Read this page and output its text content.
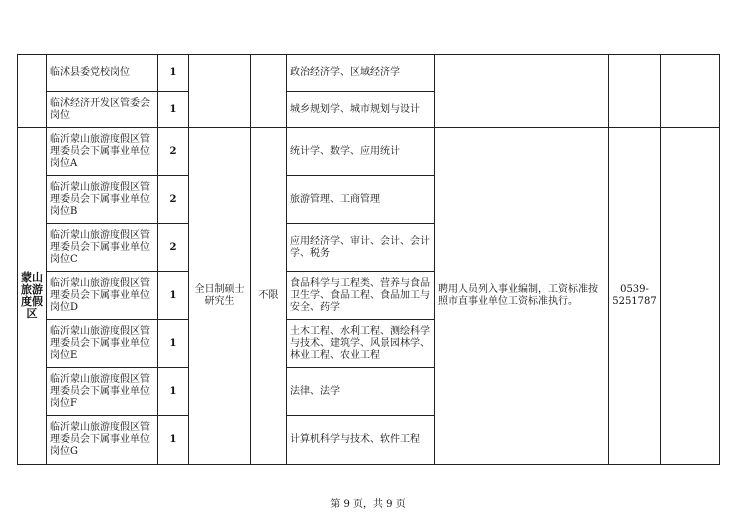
	临沭县委党校岗位	1			政治经济学、区域经济学			
	临沭经济开发区管委会岗位	1			城乡规划学、城市规划与设计			
蒙山旅游度假区	临沂蒙山旅游度假区管理委员会下属事业单位岗位A	2	全日制硕士研究生	不限	统计学、数学、应用统计	聘用人员列入事业编制，工资标准按照市直事业单位工资标准执行。	0539-5251787	
	临沂蒙山旅游度假区管理委员会下属事业单位岗位B	2			旅游管理、工商管理			
	临沂蒙山旅游度假区管理委员会下属事业单位岗位C	2			应用经济学、审计、会计、会计学、税务			
	临沂蒙山旅游度假区管理委员会下属事业单位岗位D	1			食品科学与工程类、营养与食品卫生学、食品工程、食品加工与安全、药学			
	临沂蒙山旅游度假区管理委员会下属事业单位岗位E	1			土木工程、水利工程、测绘科学与技术、建筑学、风景园林学、林业工程、农业工程			
	临沂蒙山旅游度假区管理委员会下属事业单位岗位F	1			法律、法学			
	临沂蒙山旅游度假区管理委员会下属事业单位岗位G	1			计算机科学与技术、软件工程			
第 9 页，共 9 页
